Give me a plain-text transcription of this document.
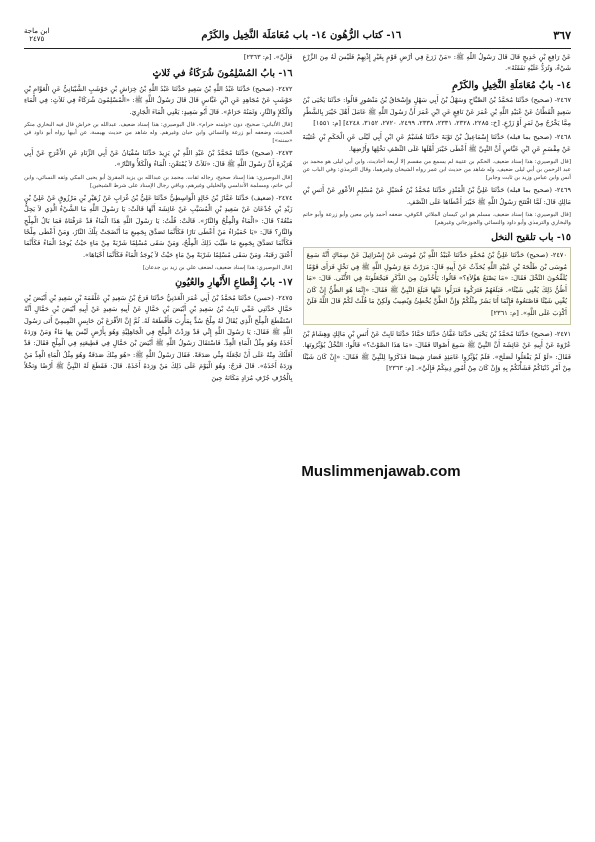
٣٦٧
١٦- كتاب الرُّهُون ١٤- باب مُعَامَلَة النَّخِيل والكَرْم
ابن ماجة
٢٤٧٥

عَنْ رَافِعِ بْنِ خَدِيجٍ قَالَ قَالَ رَسُولُ اللَّهِ ﷺ: «مَنْ زَرَعَ فِي أَرْضِ قَوْمٍ بِغَيْرِ إِذْنِهِمْ فَلَيْسَ لَهُ مِنَ الزَّرْعِ شَيْءٌ، وَتُرَدُّ عَلَيْهِ نَفَقَتُهُ».

١٤- بابُ مُعَامَلَةِ النَّخِيلِ والكَرْمِ

٢٤٦٧- (صحيح) حَدَّثَنَا مُحَمَّدُ بْنُ الصَّبَّاحِ وَسَهْلُ بْنُ أَبِي سَهْلٍ وَإِسْحَاقُ بْنُ مَنْصُورٍ قَالُوا: حَدَّثَنَا يَحْيَى بْنُ سَعِيدٍ الْقَطَّانُ عَنْ عُبَيْدِ اللَّهِ بْنِ عُمَرَ عَنْ نَافِعٍ عَنِ ابْنِ عُمَرَ أَنَّ رَسُولَ اللَّهِ ﷺ عَامَلَ أَهْلَ خَيْبَرَ بِالشَّطْرِ مِمَّا يَخْرُجُ مِنْ ثَمَرٍ أَوْ زَرْعٍ. [خ: ٢٢٨٥، ٢٣٢٨، ٢٣٣١، ٢٣٣٨، ٢٤٩٩، ٢٧٢٠، ٣١٥٢، ٤٢٤٨] [م: ١٥٥١]

٢٤٦٨- (صحيح بما قبله) حَدَّثَنَا إِسْمَاعِيلُ بْنُ تَوْبَةَ حَدَّثَنَا هُشَيْمٌ عَنِ ابْنِ أَبِي لَيْلَى عَنِ الْحَكَمِ بْنِ عُتَيْبَةَ عَنْ مِقْسَمٍ عَنِ ابْنِ عَبَّاسٍ أَنَّ النَّبِيَّ ﷺ أَعْطَى خَيْبَرَ أَهْلَهَا عَلَى النِّصْفِ نَخْلِهَا وَأَرْضِهَا.

[قال البوصيري: هذا إسناد ضعيف. الحكم بن عتيبة لم يسمع من مقسم إلا أربعة أحاديث، وابن أبي ليلى هو محمد بن عبد الرحمن بن أبي ليلى ضعيف. وله شاهد من حديث ابن عمر رواه الشيخان وغيرهما، وقال الترمذي: وفي الباب عن أنس وابن عباس وزيد بن ثابت وجابر]

٢٤٦٩- (صحيح بما قبله) حَدَّثَنَا عَلِيُّ بْنُ الْمُنْذِرِ حَدَّثَنَا مُحَمَّدُ بْنُ فُضَيْلٍ عَنْ مُسْلِمٍ الأَعْوَرِ عَنْ أَنَسِ بْنِ مَالِكٍ قَالَ: لَمَّا افْتَتَحَ رَسُولُ اللَّهِ ﷺ خَيْبَرَ أَعْطَاهَا عَلَى النِّصْفِ.

[قال البوصيري: هذا إسناد ضعيف. مسلم هو ابن كيسان الملائي الكوفي، ضعفه أحمد وابن معين وأبو زرعة وأبو حاتم والبخاري والترمذي وأبو داود والنسائي والجوزجاني وغيرهم]

١٥- باب تلقيح النخل

٢٤٧٠- (صحيح) حَدَّثَنَا عَلِيُّ بْنُ مُحَمَّدٍ حَدَّثَنَا عُبَيْدُ اللَّهِ بْنُ مُوسَى عَنْ إِسْرَائِيلَ عَنْ سِمَاكٍ أَنَّهُ سَمِعَ مُوسَى بْنَ طَلْحَةَ بْنِ عُبَيْدِ اللَّهِ يُحَدِّثُ عَنْ أَبِيهِ قَالَ: مَرَرْتُ مَعَ رَسُولِ اللَّهِ ﷺ فِي نَخْلٍ فَرَأَى قَوْمًا يُلَقِّحُونَ النَّخْلَ فَقَالَ: «مَا يَصْنَعُ هَؤُلاَءِ؟» قَالُوا: يَأْخُذُونَ مِنَ الذَّكَرِ فَيَجْعَلُونَهُ فِي الأُنْثَى. قَالَ: «مَا أَظُنُّ ذَلِكَ يُغْنِي شَيْئًا». فَبَلَغَهُمْ فَتَرَكُوهُ فَنَزَلُوا عَنْهَا فَبَلَغَ النَّبِيَّ ﷺ فَقَالَ: «إِنَّمَا هُوَ الظَّنُّ إِنْ كَانَ يُغْنِي شَيْئًا فَاصْنَعُوهُ فَإِنَّمَا أَنَا بَشَرٌ مِثْلُكُمْ وَإِنَّ الظَّنَّ يُخْطِئُ وَيُصِيبُ وَلَكِنْ مَا قُلْتُ لَكُمْ قَالَ اللَّهُ فَلَنْ أَكْذِبَ عَلَى اللَّهِ». [م: ٢٣٦١]

٢٤٧١- (صحيح) حَدَّثَنَا مُحَمَّدُ بْنُ يَحْيَى حَدَّثَنَا عَفَّانُ حَدَّثَنَا حَمَّادٌ حَدَّثَنَا ثَابِتٌ عَنْ أَنَسِ بْنِ مَالِكٍ وَهِشَامُ بْنُ عُرْوَةَ عَنْ أَبِيهِ عَنْ عَائِشَةَ أَنَّ النَّبِيَّ ﷺ سَمِعَ أَصْوَاتًا فَقَالَ: «مَا هَذَا الصَّوْتُ؟» قَالُوا: النَّخْلُ يُؤَبِّرُونَهَا. فَقَالَ: «لَوْ لَمْ يَفْعَلُوا لَصَلَحَ». فَلَمْ يُؤَبِّرُوا عَامَئِذٍ فَصَارَ شِيصًا فَذَكَرُوا لِلنَّبِيِّ ﷺ فَقَالَ: «إِنْ كَانَ شَيْئًا مِنْ أَمْرِ دُنْيَاكُمْ فَشَأْنُكُمْ بِهِ وَإِنْ كَانَ مِنْ أُمُورِ دِينِكُمْ فَإِلَيَّ». [م: ٢٣٦٣]

فَإِلَيَّ». [م: ٢٣٦٣]

١٦- بابُ المُسْلِمُونَ شُرَكَاءُ في ثَلاثٍ

٢٤٧٢- (صحيح) حَدَّثَنَا عَبْدُ اللَّهِ بْنُ سَعِيدٍ حَدَّثَنَا عَبْدُ اللَّهِ بْنُ خِرَاشِ بْنِ حَوْشَبٍ الشَّيْبَانِيُّ عَنِ الْعَوَّامِ بْنِ حَوْشَبٍ عَنْ مُجَاهِدٍ عَنِ ابْنِ عَبَّاسٍ قَالَ قَالَ رَسُولُ اللَّهِ ﷺ: «الْمُسْلِمُونَ شُرَكَاءُ فِي ثَلاَثٍ: فِي الْمَاءِ وَالْكَلإِ وَالنَّارِ، وَثَمَنُهُ حَرَامٌ». قَالَ أَبُو سَعِيدٍ: يَعْنِي الْمَاءَ الْجَارِيَ.

[قال الألباني: صحيح، دون «وثمنه حرام». قال البوصيري: هذا إسناد ضعيف. عبدالله بن خراش قال فيه البخاري منكر الحديث، وضعفه أبو زرعة والنسائي وابن حبان وغيرهم. وله شاهد من حديث بهيسة، عن أبيها رواه أبو داود في «سننه»]

٢٤٧٣- (صحيح) حَدَّثَنَا مُحَمَّدُ بْنُ عَبْدِ اللَّهِ بْنِ يَزِيدَ حَدَّثَنَا سُفْيَانُ عَنْ أَبِي الزِّنَادِ عَنِ الأَعْرَجِ عَنْ أَبِي هُرَيْرَةَ أَنَّ رَسُولَ اللَّهِ ﷺ قَالَ: «ثَلاَثٌ لاَ يُمْنَعْنَ: الْمَاءُ وَالْكَلأُ وَالنَّارُ».

[قال البوصيري: هذا إسناد صحيح، رجاله ثقات. محمد بن عبدالله بن يزيد المقرئ أبو يحيى المكي وثقه النسائي، وابن أبي حاتم، ومسلمة الأندلسي والخليلي وغيرهم، وباقي رجال الإسناد على شرط الشيخين]

٢٤٧٤- (ضعيف) حَدَّثَنَا عَمَّارُ بْنُ خَالِدٍ الْوَاسِطِيُّ حَدَّثَنَا عَلِيُّ بْنُ غُرَابٍ عَنْ زُهَيْرِ بْنِ مَرْزُوقٍ عَنْ عَلِيِّ بْنِ زَيْدِ بْنِ جُدْعَانَ عَنْ سَعِيدِ بْنِ الْمُسَيَّبِ عَنْ عَائِشَةَ أَنَّهَا قَالَتْ: يَا رَسُولَ اللَّهِ مَا الشَّيْءُ الَّذِي لاَ يَحِلُّ مَنْعُهُ؟ قَالَ: «الْمَاءُ وَالْمِلْحُ وَالنَّارُ». قَالَتْ: قُلْتُ: يَا رَسُولَ اللَّهِ هَذَا الْمَاءُ قَدْ عَرَفْنَاهُ فَمَا بَالُ الْمِلْحِ وَالنَّارِ؟ قَالَ: «يَا حُمَيْرَاءُ مَنْ أَعْطَى نَارًا فَكَأَنَّمَا تَصَدَّقَ بِجَمِيعِ مَا أَنْضَجَتْ تِلْكَ النَّارُ، وَمَنْ أَعْطَى مِلْحًا فَكَأَنَّمَا تَصَدَّقَ بِجَمِيعِ مَا طَيَّبَ ذَلِكَ الْمِلْحُ، وَمَنْ سَقَى مُسْلِمًا شَرْبَةً مِنْ مَاءٍ حَيْثُ يُوجَدُ الْمَاءُ فَكَأَنَّمَا أَعْتَقَ رَقَبَةً، وَمَنْ سَقَى مُسْلِمًا شَرْبَةً مِنْ مَاءٍ حَيْثُ لاَ يُوجَدُ الْمَاءُ فَكَأَنَّمَا أَحْيَاهَا».

[قال البوصيري: هذا إسناد ضعيف، لضعف علي بن زيد بن جدعان]

١٧- بابُ إِقْطاعِ الأَنْهارِ والعُيُونِ

٢٤٧٥- (حسن) حَدَّثَنَا مُحَمَّدُ بْنُ أَبِي عُمَرَ الْعَدَنِيُّ حَدَّثَنَا فَرَجُ بْنُ سَعِيدِ بْنِ عَلْقَمَةَ بْنِ سَعِيدِ بْنِ أَبْيَضَ بْنِ حَمَّالٍ حَدَّثَنِي عَمِّي ثَابِتُ بْنُ سَعِيدِ بْنِ أَبْيَضَ بْنِ حَمَّالٍ عَنْ أَبِيهِ سَعِيدٍ عَنْ أَبِيهِ أَبْيَضَ بْنِ حَمَّالٍ أَنَّهُ اسْتَقْطَعَ الْمِلْحَ الَّذِي يُقَالُ لَهُ مِلْحُ سُدٍّ بِمَأْرِبَ فَأَقْطَعَهُ لَهُ. ثُمَّ إِنَّ الأَقْرَعَ بْنَ حَابِسٍ التَّمِيمِيَّ أَتَى رَسُولَ اللَّهِ ﷺ فَقَالَ: يَا رَسُولَ اللَّهِ إِنِّي قَدْ وَرَدْتُ الْمِلْحَ فِي الْجَاهِلِيَّةِ وَهُوَ بِأَرْضٍ لَيْسَ بِهَا مَاءٌ وَمَنْ وَرَدَهُ أَخَذَهُ وَهُوَ مِثْلُ الْمَاءِ الْعِدِّ. فَاسْتَقَالَ رَسُولُ اللَّهِ ﷺ أَبْيَضَ بْنَ حَمَّالٍ فِي قَطِيعَتِهِ فِي الْمِلْحِ فَقَالَ: قَدْ أَقَلْتُكَ مِنْهُ عَلَى أَنْ تَجْعَلَهُ مِنِّي صَدَقَةً. فَقَالَ رَسُولُ اللَّهِ ﷺ: «هُوَ مِنْكَ صَدَقَةٌ وَهُوَ مِثْلُ الْمَاءِ الْعِدِّ مَنْ وَرَدَهُ أَخَذَهُ». قَالَ فَرَجٌ: وَهُوَ الْيَوْمَ عَلَى ذَلِكَ مَنْ وَرَدَهُ أَخَذَهُ. قَالَ: فَقَطَعَ لَهُ النَّبِيُّ ﷺ أَرْضًا وَنَخْلاً بِالْجُرْفِ جُرْفِ مُرَادٍ مَكَانَهُ حِينَ

Muslimmenjawab.com
